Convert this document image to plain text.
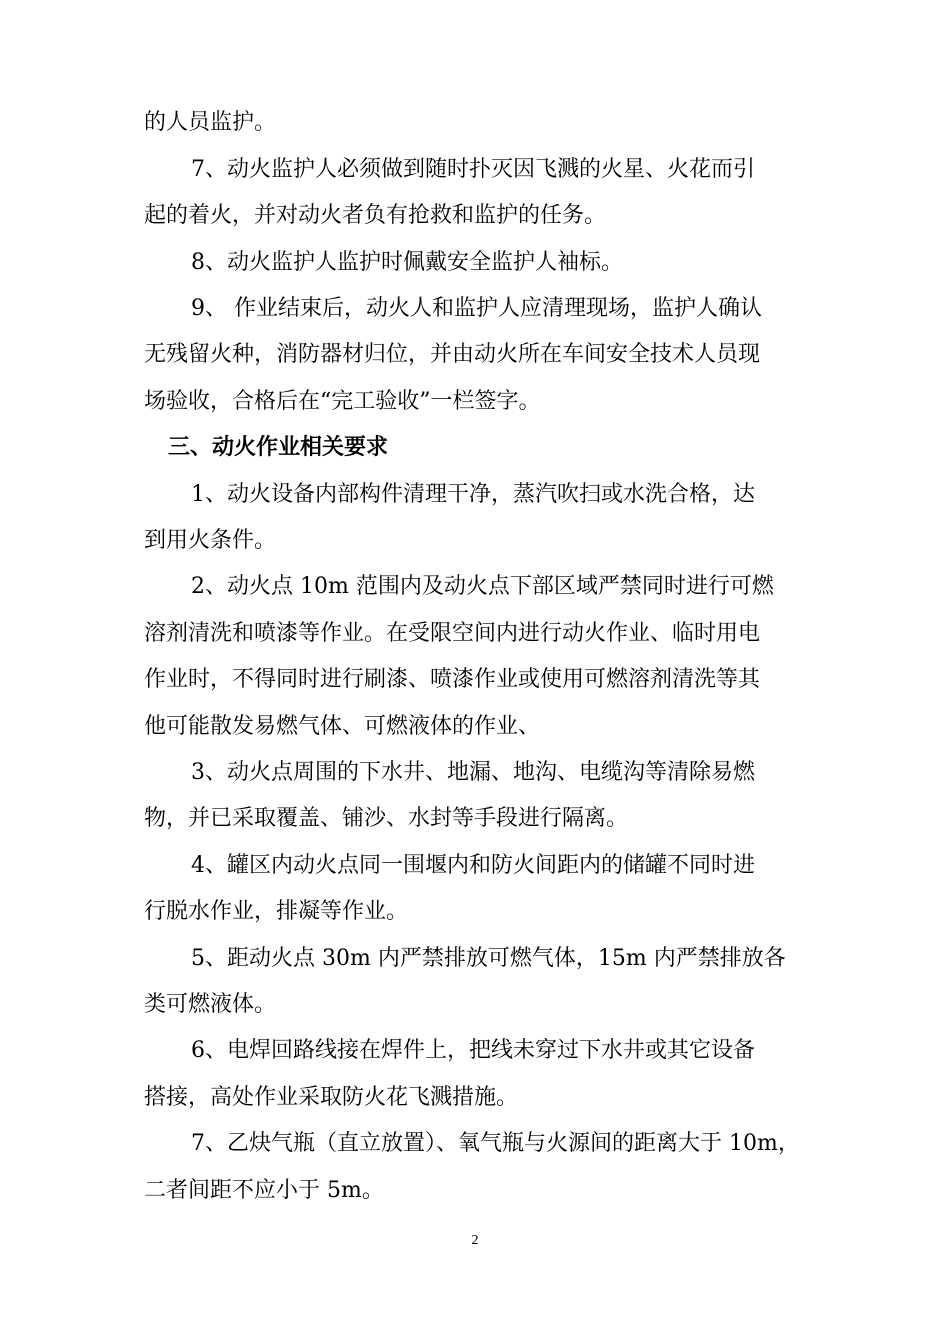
的人员监护。

7、动火监护人必须做到随时扑灭因飞溅的火星、火花而引

起的着火，并对动火者负有抢救和监护的任务。

8、动火监护人监护时佩戴安全监护人袖标。

9、 作业结束后，动火人和监护人应清理现场，监护人确认

无残留火种，消防器材归位，并由动火所在车间安全技术人员现

场验收，合格后在“完工验收”一栏签字。

三、动火作业相关要求

1、动火设备内部构件清理干净，蒸汽吹扫或水洗合格，达

到用火条件。

2、动火点 10m 范围内及动火点下部区域严禁同时进行可燃

溶剂清洗和喷漆等作业。在受限空间内进行动火作业、临时用电

作业时，不得同时进行刷漆、喷漆作业或使用可燃溶剂清洗等其

他可能散发易燃气体、可燃液体的作业、

3、动火点周围的下水井、地漏、地沟、电缆沟等清除易燃

物，并已采取覆盖、铺沙、水封等手段进行隔离。

4、罐区内动火点同一围堰内和防火间距内的储罐不同时进

行脱水作业，排凝等作业。

5、距动火点 30m 内严禁排放可燃气体，15m 内严禁排放各

类可燃液体。

6、电焊回路线接在焊件上，把线未穿过下水井或其它设备

搭接，高处作业采取防火花飞溅措施。

7、乙炔气瓶（直立放置）、氧气瓶与火源间的距离大于 10m，

二者间距不应小于 5m。

2
